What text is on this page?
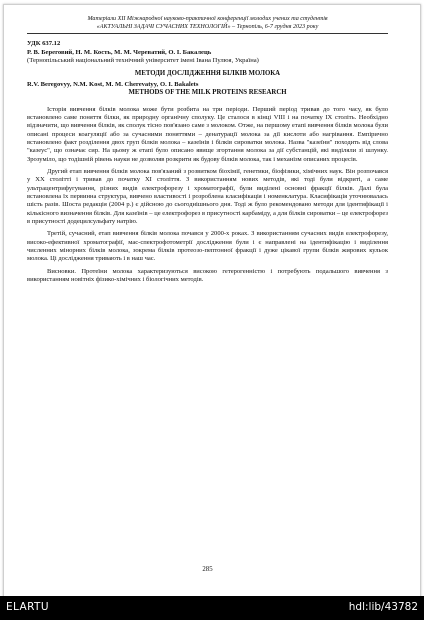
Матеріали XII Міжнародної науково-практичної конференції молодих учених та студентів
«АКТУАЛЬНІ ЗАДАЧІ СУЧАСНИХ ТЕХНОЛОГІЙ» – Тернопіль, 6-7 грудня 2023 року
УДК 637.12
Р. В. Береговий, Н. М. Кость, М. М. Череватий, О. І. Бакалець
(Тернопільський національний технічний університет імені Івана Пулюя, Україна)
МЕТОДИ ДОСЛІДЖЕННЯ БІЛКІВ МОЛОКА
R.V. Beregovyy, N.M. Kost, M. M. Cherevatyy, O. I. Bakalets
METHODS OF THE MILK PROTEINS RESEARCH

Історія вивчення білків молока може бути розбита на три періоди. Перший період тривав до того часу, як було встановлено саме поняття білки, як природну органічну сполуку. Це сталося в кінці VIII і на початку IX століть. Необхідно відзначити, що вивчення білків, як сполук тісно пов'язано саме з молоком. Отже, на першому етапі вивчення білків молока були описані процеси коагуляції або за сучасними поняттями – денатурації молока за дії кислоти або нагрівання. Емпірично встановлено факт розділення двох груп білків молока – казеїнів і білків сироватки молока. Назва "казеїни" походить від слова "казеус", що означає сир. На цьому ж етапі було описано явище згортання молока за дії субстанцій, які виділяли зі шлунку. Зрозуміло, що тодішній рівень науки не дозволяв розкрити як будову білків молока, так і механізм описаних процесів.

Другий етап вивчення білків молока пов'язаний з розвитком біохімії, генетики, біофізики, хімічних наук. Він розпочався у XX столітті і тривав до початку XI століття. З використанням нових методів, які тоді були відкриті, а саме ультрацентрифугування, різних видів електрофорезу і хроматографії, були виділені основні фракції білків. Далі була встановлена їх первинна структура, вивчено властивості і розроблена класифікація і номенклатура. Класифікація уточнювалась шість разів. Шоста редакція (2004 р.) є дійсною до сьогоднішнього дня. Тоді ж було рекомендовано методи для ідентифікації і кількісного визначення білків. Для казеїнів – це електрофорез в присутності карбаміду, а для білків сироватки – це електрофорез в присутності додецилсульфату натрію.

Третій, сучасний, етап вивчення білків молока почався у 2000-х роках. З використанням сучасних видів електрофорезу, високо-ефективної хроматографії, мас-спектрофотометрії дослідження були і є направлені на ідентифікацію і виділення численних мінорних білків молока, зокрема білків протеозо-пептонної фракції і дуже цікавої групи білків жирових кульок молока. Ці дослідження тривають і в наш час.

Висновки. Протеїни молока характеризуються високою гетерогенністю і потребують подальшого вивчення з використанням новітніх фізико-хімічних і біологічних методів.

285
ELARTU	hdl:lib/43782
